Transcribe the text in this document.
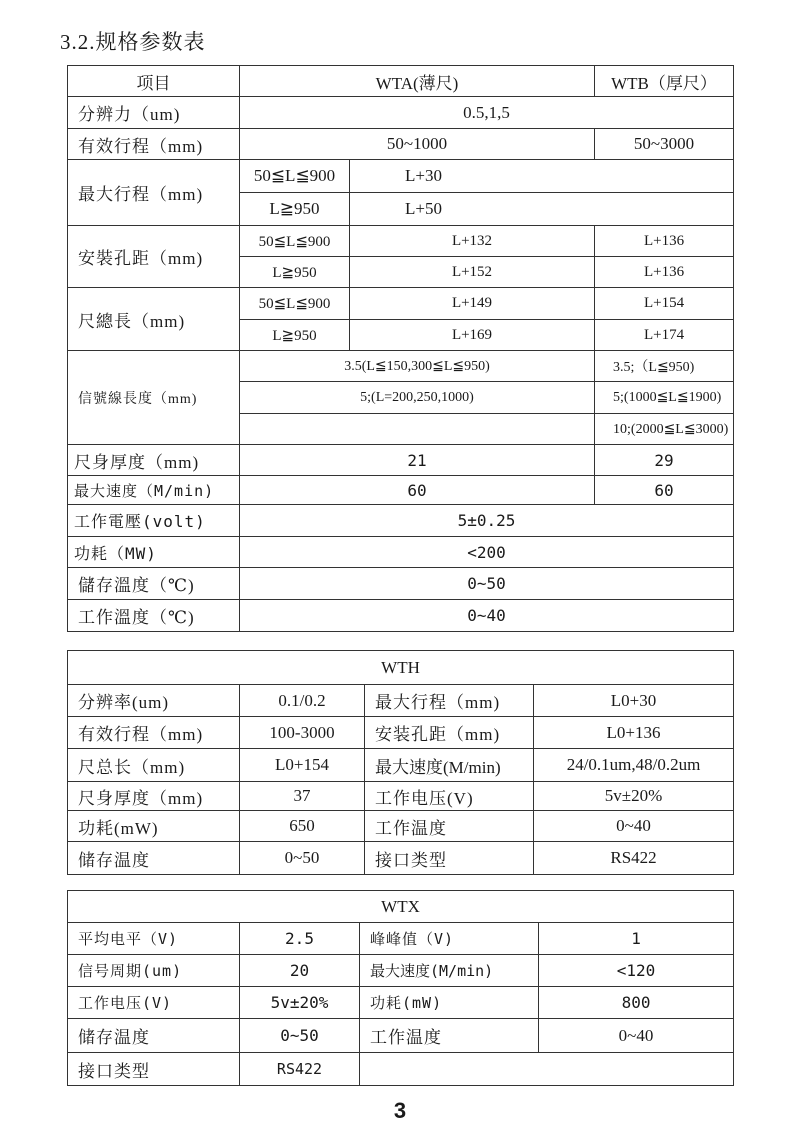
3.2.规格参数表
项目	WTA(薄尺)		WTB（厚尺）
分辨力（um)	0.5,1,5		
有效行程（mm)	50~1000		50~3000
最大行程（mm)	50≦L≦900	L+30	
	L≧950	L+50	
安裝孔距（mm)	50≦L≦900	L+132	L+136
	L≧950	L+152	L+136
尺總長（mm)	50≦L≦900	L+149	L+154
	L≧950	L+169	L+174
信號線長度（mm)	3.5(L≦150,300≦L≦950)		3.5;（L≦950)
	5;(L=200,250,1000)		5;(1000≦L≦1900)
			10;(2000≦L≦3000)
尺身厚度（mm)	21		29
最大速度（M/min)	60		60
工作電壓(volt)	5±0.25		
功耗（MW)	<200		
儲存溫度（℃)	0~50		
工作溫度（℃)	0~40		
WTH			
分辨率(um)	0.1/0.2	最大行程（mm)	L0+30
有效行程（mm)	100-3000	安装孔距（mm)	L0+136
尺总长（mm)	L0+154	最大速度(M/min)	24/0.1um,48/0.2um
尺身厚度（mm)	37	工作电压(V)	5v±20%
功耗(mW)	650	工作温度	0~40
储存温度	0~50	接口类型	RS422
WTX			
平均电平（V)	2.5	峰峰值（V)	1
信号周期(um)	20	最大速度(M/min)	<120
工作电压(V)	5v±20%	功耗(mW)	800
储存温度	0~50	工作温度	0~40
接口类型	RS422		
3
